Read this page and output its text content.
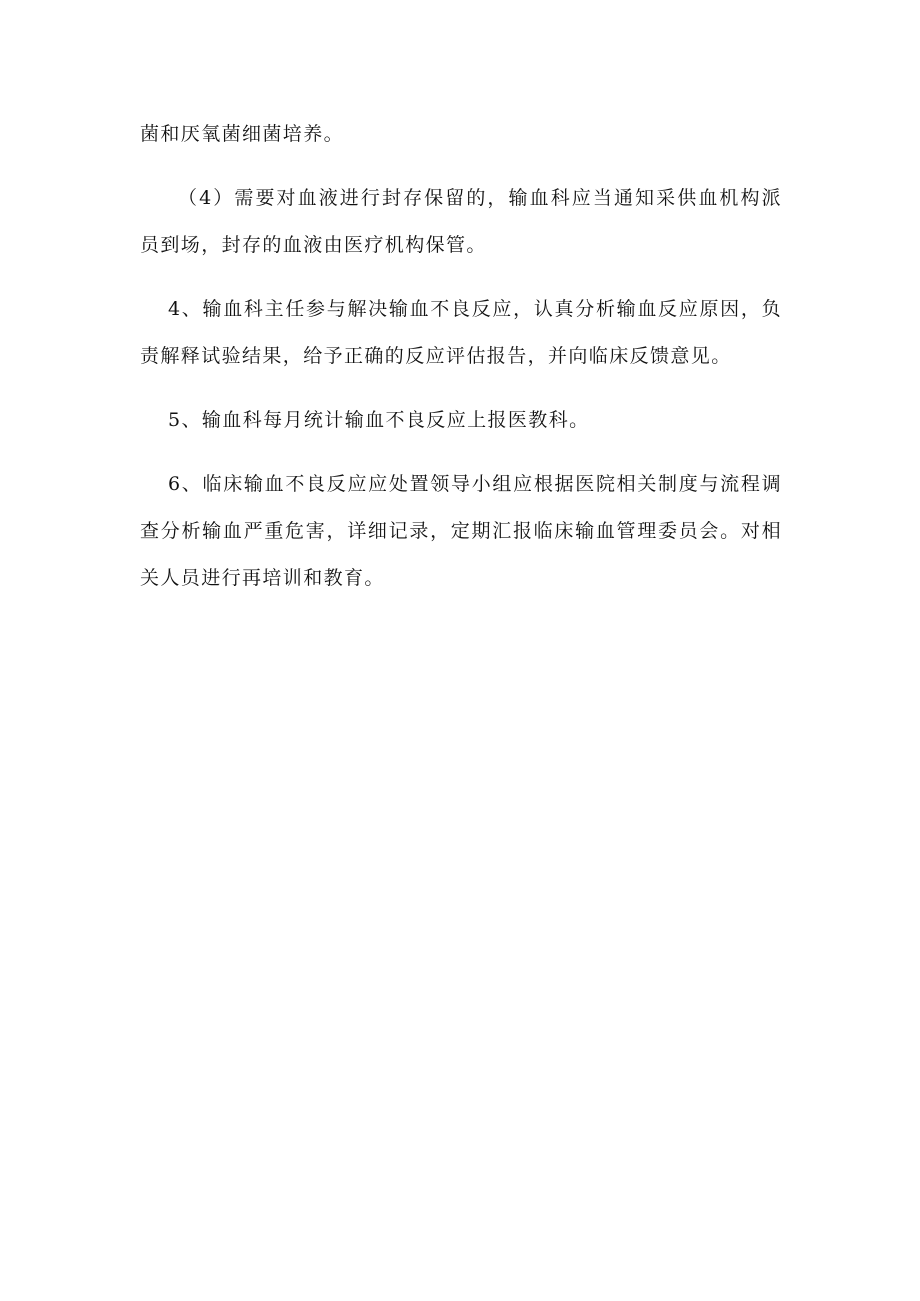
菌和厌氧菌细菌培养。

（4）需要对血液进行封存保留的，输血科应当通知采供血机构派员到场，封存的血液由医疗机构保管。

4、输血科主任参与解决输血不良反应，认真分析输血反应原因，负责解释试验结果，给予正确的反应评估报告，并向临床反馈意见。

5、输血科每月统计输血不良反应上报医教科。

6、临床输血不良反应应处置领导小组应根据医院相关制度与流程调查分析输血严重危害，详细记录，定期汇报临床输血管理委员会。对相关人员进行再培训和教育。
